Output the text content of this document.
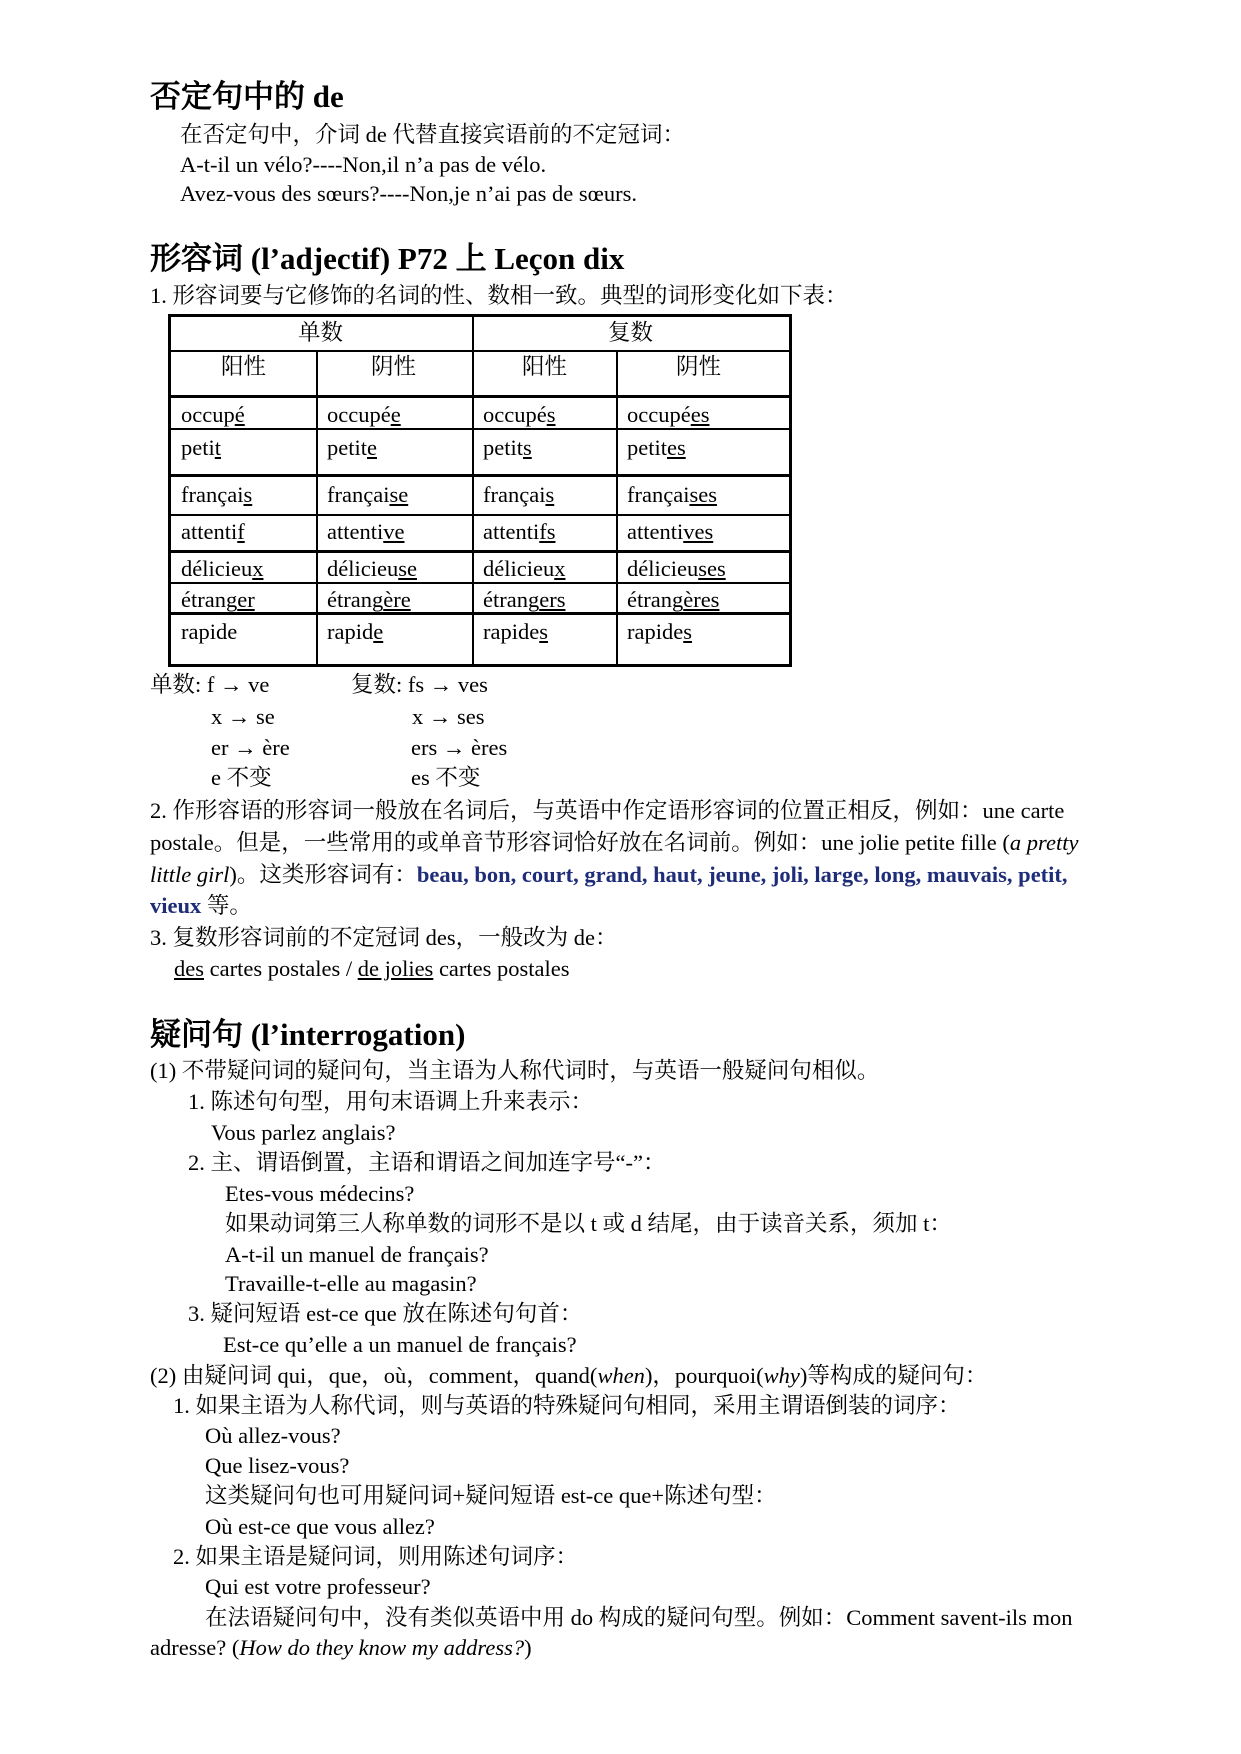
否定句中的 de
在否定句中，介词 de 代替直接宾语前的不定冠词：
A-t-il un vélo?----Non,il n’a pas de vélo.
Avez-vous des sœurs?----Non,je n’ai pas de sœurs.
形容词 (l’adjectif) P72 上 Leçon dix
1. 形容词要与它修饰的名词的性、数相一致。典型的词形变化如下表：
单数	复数
阳性	阴性	阳性	阴性
occupé	occupée	occupés	occupées
petit	petite	petits	petites
français	française	français	françaises
attentif	attentive	attentifs	attentives
délicieux	délicieuse	délicieux	délicieuses
étranger	étrangère	étrangers	étrangères
rapide	rapide	rapides	rapides
单数: f → ve	复数: fs → ves
x → se	x → ses
er → ère	ers → ères
e 不变	es 不变
2. 作形容语的形容词一般放在名词后，与英语中作定语形容词的位置正相反，例如：une carte
postale。但是，一些常用的或单音节形容词恰好放在名词前。例如：une jolie petite fille (a pretty
little girl)。这类形容词有：beau, bon, court, grand, haut, jeune, joli, large, long, mauvais, petit,
vieux 等。
3. 复数形容词前的不定冠词 des，一般改为 de：
des cartes postales / de jolies cartes postales
疑问句 (l’interrogation)
(1) 不带疑问词的疑问句，当主语为人称代词时，与英语一般疑问句相似。
1. 陈述句句型，用句末语调上升来表示：
Vous parlez anglais?
2. 主、谓语倒置，主语和谓语之间加连字号“-”：
Etes-vous médecins?
如果动词第三人称单数的词形不是以 t 或 d 结尾，由于读音关系，须加 t：
A-t-il un manuel de français?
Travaille-t-elle au magasin?
3. 疑问短语 est-ce que 放在陈述句句首：
Est-ce qu’elle a un manuel de français?
(2) 由疑问词 qui，que，où，comment，quand(when)，pourquoi(why)等构成的疑问句：
1. 如果主语为人称代词，则与英语的特殊疑问句相同，采用主谓语倒装的词序：
Où allez-vous?
Que lisez-vous?
这类疑问句也可用疑问词+疑问短语 est-ce que+陈述句型：
Où est-ce que vous allez?
2. 如果主语是疑问词，则用陈述句词序：
Qui est votre professeur?
在法语疑问句中，没有类似英语中用 do 构成的疑问句型。例如：Comment savent-ils mon
adresse? (How do they know my address?)
